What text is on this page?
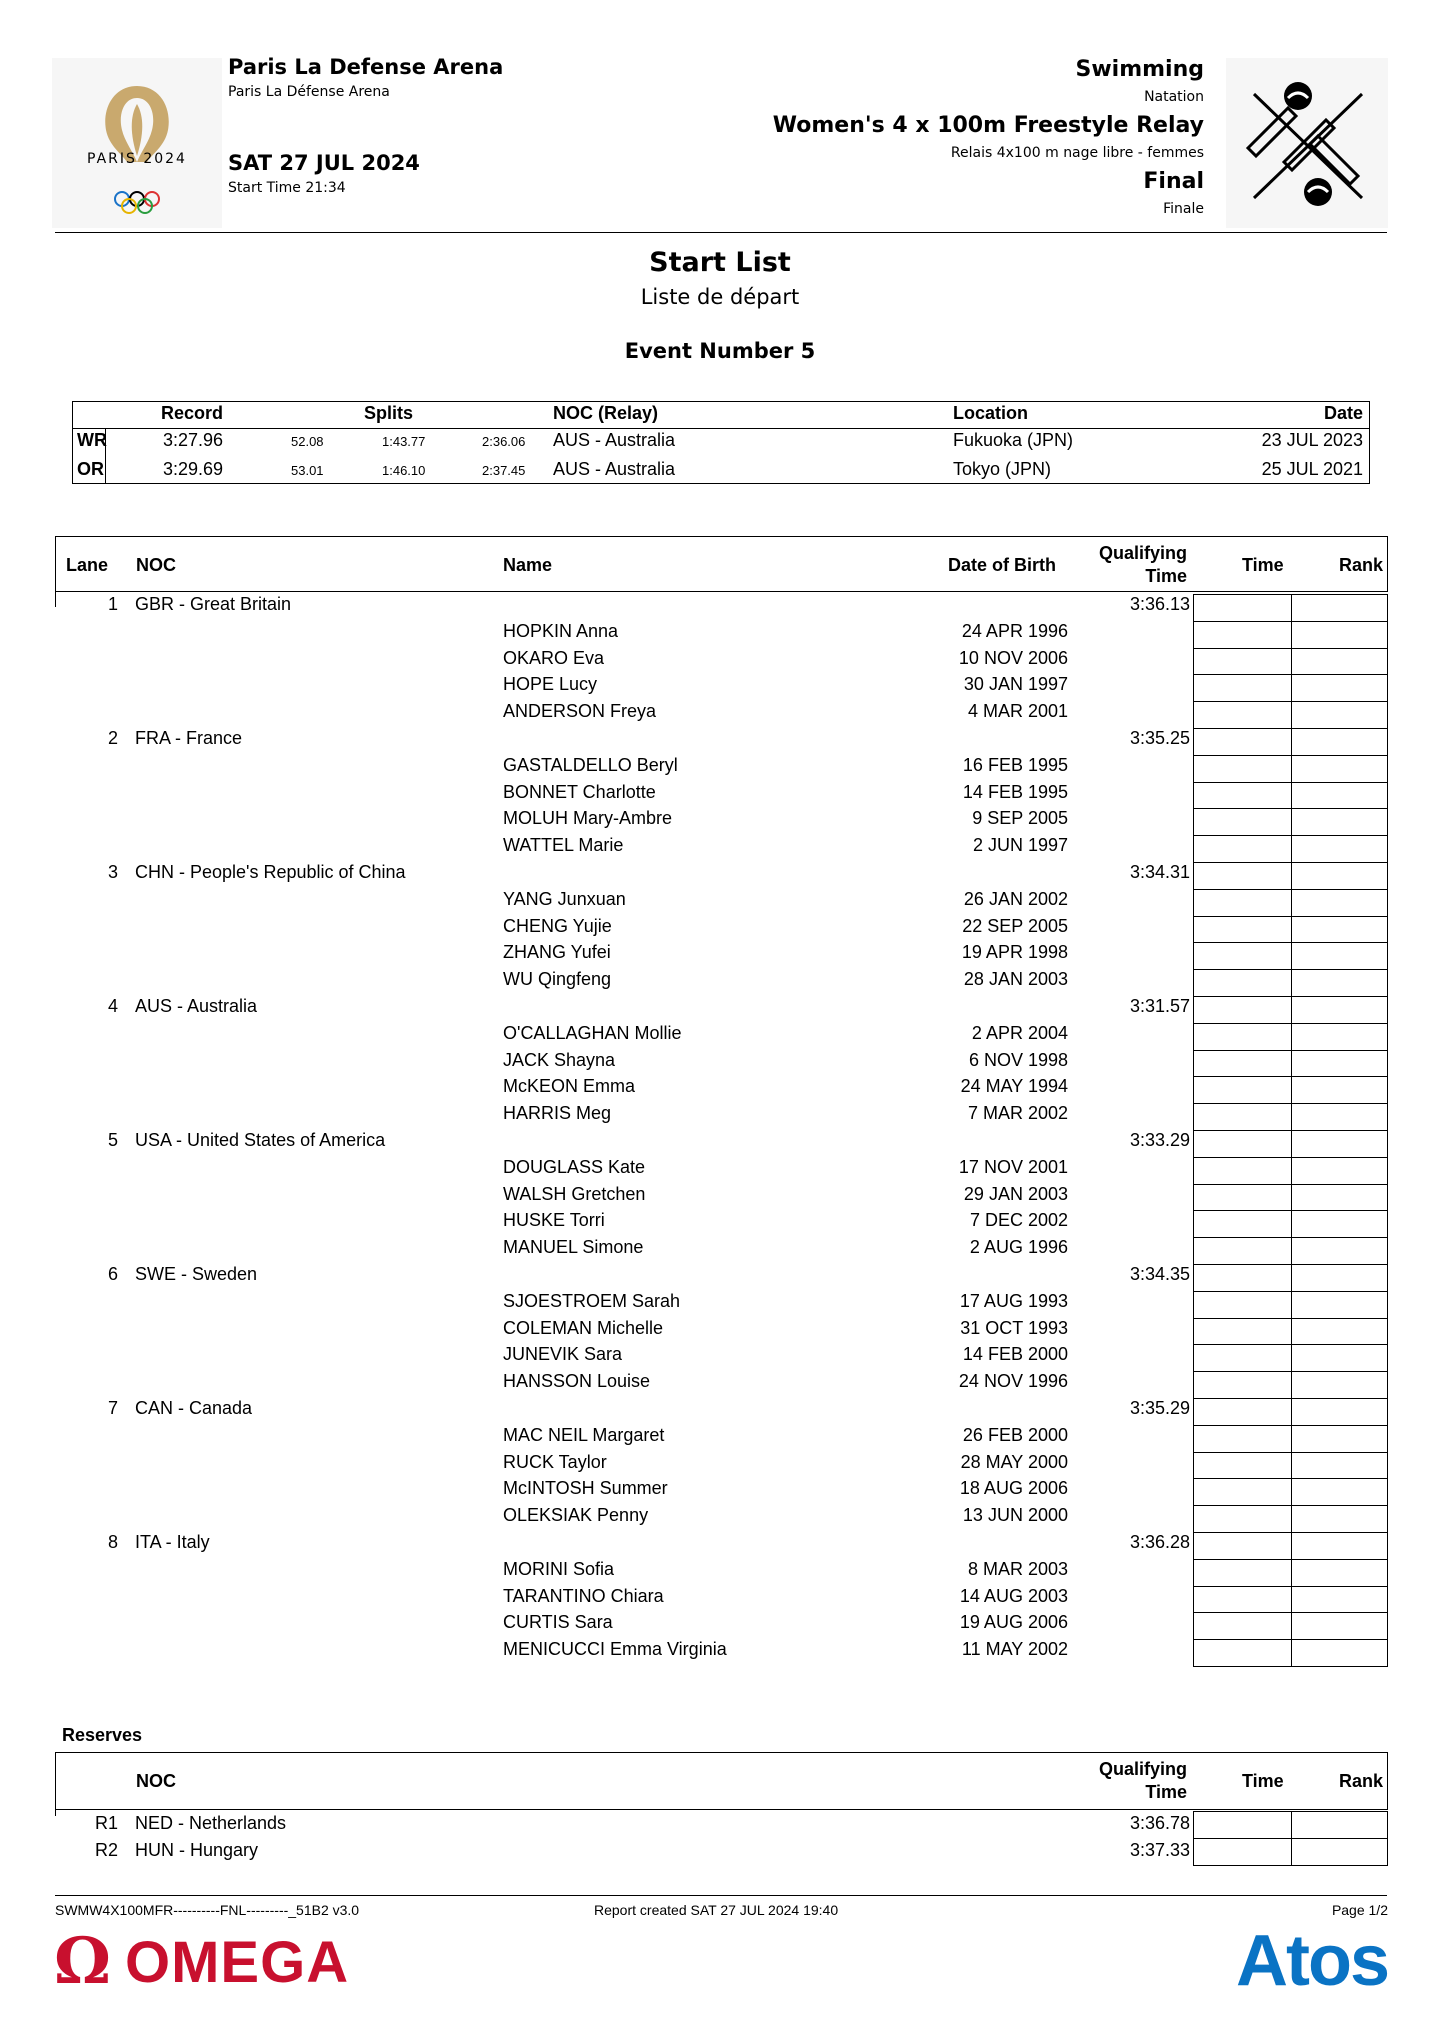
PARIS 2024
Paris La Defense Arena
Paris La Défense Arena
SAT 27 JUL 2024
Start Time 21:34
Swimming
Natation
Women's 4 x 100m Freestyle Relay
Relais 4x100 m nage libre - femmes
Final
Finale
Start List
Liste de départ
Event Number 5
Record	Splits	NOC (Relay)	Location	Date
WR	3:27.96	52.08	1:43.77	2:36.06 AUS - Australia	Fukuoka (JPN)	23 JUL 2023
OR	3:29.69	53.01	1:46.10	2:37.45 AUS - Australia	Tokyo (JPN)	25 JUL 2021
Lane NOC	Name	Date of Birth
Qualifying
Time
Time	Rank
1 GBR - Great Britain	3:36.13
HOPKIN Anna	24 APR 1996
OKARO Eva	10 NOV 2006
HOPE Lucy	30 JAN 1997
ANDERSON Freya	4 MAR 2001
2 FRA - France	3:35.25
GASTALDELLO Beryl	16 FEB 1995
BONNET Charlotte	14 FEB 1995
MOLUH Mary-Ambre	9 SEP 2005
WATTEL Marie	2 JUN 1997
3 CHN - People's Republic of China	3:34.31
YANG Junxuan	26 JAN 2002
CHENG Yujie	22 SEP 2005
ZHANG Yufei	19 APR 1998
WU Qingfeng	28 JAN 2003
4 AUS - Australia	3:31.57
O'CALLAGHAN Mollie	2 APR 2004
JACK Shayna	6 NOV 1998
McKEON Emma	24 MAY 1994
HARRIS Meg	7 MAR 2002
5 USA - United States of America	3:33.29
DOUGLASS Kate	17 NOV 2001
WALSH Gretchen	29 JAN 2003
HUSKE Torri	7 DEC 2002
MANUEL Simone	2 AUG 1996
6 SWE - Sweden	3:34.35
SJOESTROEM Sarah	17 AUG 1993
COLEMAN Michelle	31 OCT 1993
JUNEVIK Sara	14 FEB 2000
HANSSON Louise	24 NOV 1996
7 CAN - Canada	3:35.29
MAC NEIL Margaret	26 FEB 2000
RUCK Taylor	28 MAY 2000
McINTOSH Summer	18 AUG 2006
OLEKSIAK Penny	13 JUN 2000
8 ITA - Italy	3:36.28
MORINI Sofia	8 MAR 2003
TARANTINO Chiara	14 AUG 2003
CURTIS Sara	19 AUG 2006
MENICUCCI Emma Virginia	11 MAY 2002
Reserves
NOC
Qualifying
Time
Time	Rank
R1 NED - Netherlands	3:36.78
R2 HUN - Hungary	3:37.33
SWMW4X100MFR----------FNL---------_51B2 v3.0	Report created SAT 27 JUL 2024 19:40	Page 1/2
Ω OMEGA	Atos
